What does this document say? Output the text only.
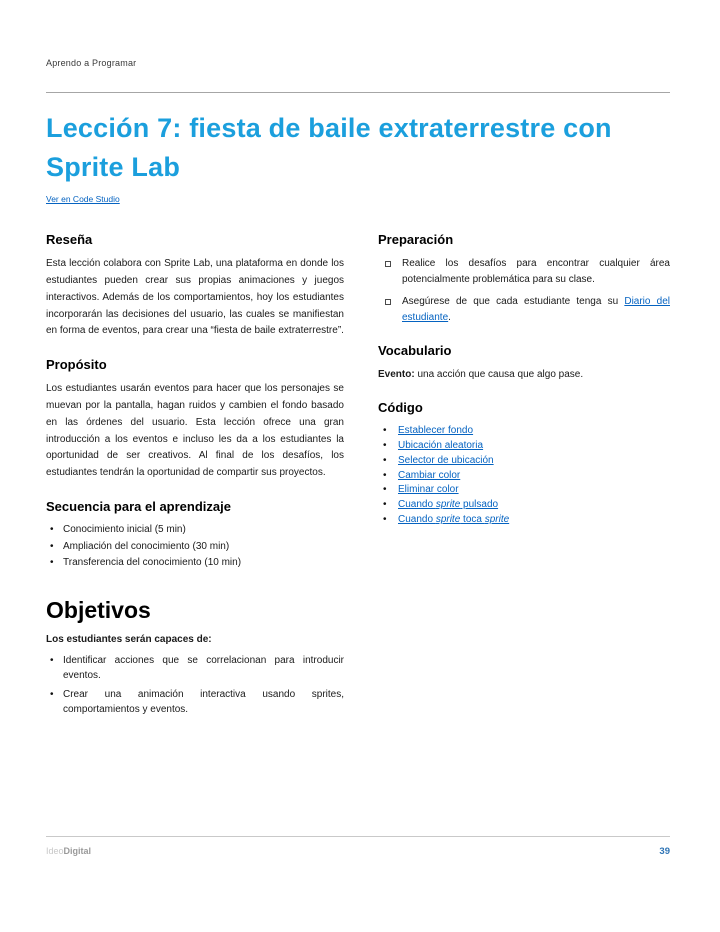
Aprendo a Programar
Lección 7: fiesta de baile extraterrestre con Sprite Lab
Ver en Code Studio
Reseña

Esta lección colabora con Sprite Lab, una plataforma en donde los estudiantes pueden crear sus propias animaciones y juegos interactivos. Además de los comportamientos, hoy los estudiantes incorporarán las decisiones del usuario, las cuales se manifiestan en forma de eventos, para crear una “fiesta de baile extraterrestre”.

Propósito

Los estudiantes usarán eventos para hacer que los personajes se muevan por la pantalla, hagan ruidos y cambien el fondo basado en las órdenes del usuario. Esta lección ofrece una gran introducción a los eventos e incluso les da a los estudiantes la oportunidad de ser creativos. Al final de los desafíos, los estudiantes tendrán la oportunidad de compartir sus proyectos.

Secuencia para el aprendizaje
• Conocimiento inicial (5 min)
• Ampliación del conocimiento (30 min)
• Transferencia del conocimiento (10 min)
Objetivos

Los estudiantes serán capaces de:

• Identificar acciones que se correlacionan para introducir eventos.
• Crear una animación interactiva usando sprites, comportamientos y eventos.
Preparación
Realice los desafíos para encontrar cualquier área potencialmente problemática para su clase.
Asegúrese de que cada estudiante tenga su Diario del estudiante.
Vocabulario

Evento: una acción que causa que algo pase.

Código
• Establecer fondo
• Ubicación aleatoria
• Selector de ubicación
• Cambiar color
• Eliminar color
• Cuando sprite pulsado
• Cuando sprite toca sprite
IdeoDigital	39
